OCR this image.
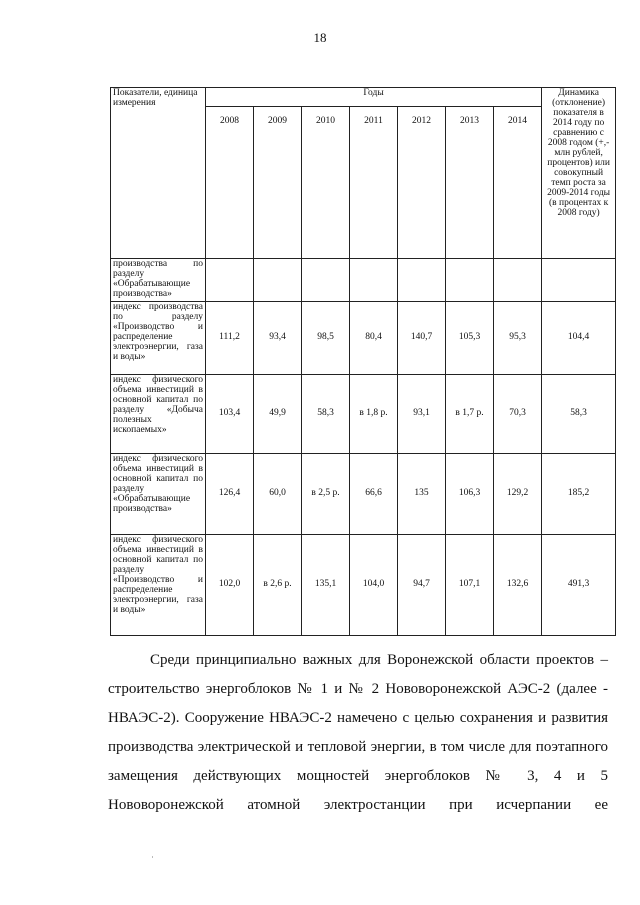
18
Показатели, единица измерения	Годы							Динамика (отклонение) показателя в 2014 году по сравнению с 2008 годом (+,- млн рублей, процентов) или совокупный темп роста за 2009-2014 годы (в процентах к 2008 году)
	2008	2009	2010	2011	2012	2013	2014	
производства по разделу «Обрабатывающие производства»								
индекс производства по разделу «Производство и распределение электроэнергии, газа и воды»	111,2	93,4	98,5	80,4	140,7	105,3	95,3	104,4
индекс физического объема инвестиций в основной капитал по разделу «Добыча полезных ископаемых»	103,4	49,9	58,3	в 1,8 р.	93,1	в 1,7 р.	70,3	58,3
индекс физического объема инвестиций в основной капитал по разделу «Обрабатывающие производства»	126,4	60,0	в 2,5 р.	66,6	135	106,3	129,2	185,2
индекс физического объема инвестиций в основной капитал по разделу «Производство и распределение электроэнергии, газа и воды»	102,0	в 2,6 р.	135,1	104,0	94,7	107,1	132,6	491,3

Среди принципиально важных для Воронежской области проектов – строительство энергоблоков № 1 и № 2 Нововоронежской АЭС-2 (далее - НВАЭС-2). Сооружение НВАЭС-2 намечено с целью сохранения и развития производства электрической и тепловой энергии, в том числе для поэтапного замещения действующих мощностей энергоблоков № 3, 4 и 5 Нововоронежской атомной электростанции при исчерпании ее
